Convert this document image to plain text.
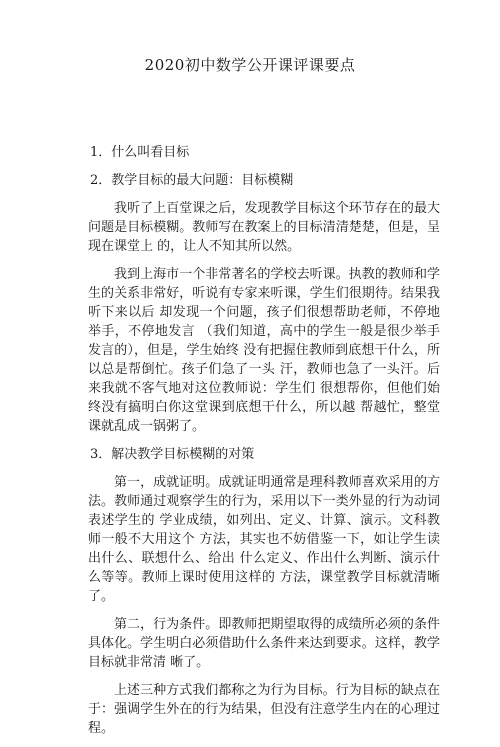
2020初中数学公开课评课要点
1．什么叫看目标
2．教学目标的最大问题：目标模糊

我听了上百堂课之后，发现教学目标这个环节存在的最大问题是目标模糊。教师写在教案上的目标清清楚楚，但是，呈现在课堂上 的，让人不知其所以然。

我到上海市一个非常著名的学校去听课。执教的教师和学生的关系非常好，听说有专家来听课，学生们很期待。结果我听下来以后 却发现一个问题，孩子们很想帮助老师，不停地举手，不停地发言 （我们知道，高中的学生一般是很少举手发言的），但是，学生始终 没有把握住教师到底想干什么，所以总是帮倒忙。孩子们急了一头 汗，教师也急了一头汗。后来我就不客气地对这位教师说：学生们 很想帮你，但他们始终没有搞明白你这堂课到底想干什么，所以越 帮越忙，整堂课就乱成一锅粥了。

3．解决教学目标模糊的对策

第一，成就证明。成就证明通常是理科教师喜欢采用的方法。教师通过观察学生的行为，采用以下一类外显的行为动词表述学生的 学业成绩，如列出、定义、计算、演示。文科教师一般不大用这个 方法，其实也不妨借鉴一下，如让学生读出什么、联想什么、给出 什么定义、作出什么判断、演示什么等等。教师上课时使用这样的 方法，课堂教学目标就清晰了。

第二，行为条件。即教师把期望取得的成绩所必须的条件具体化。学生明白必须借助什么条件来达到要求。这样，教学目标就非常清 晰了。

上述三种方式我们都称之为行为目标。行为目标的缺点在于：强调学生外在的行为结果，但没有注意学生内在的心理过程。
